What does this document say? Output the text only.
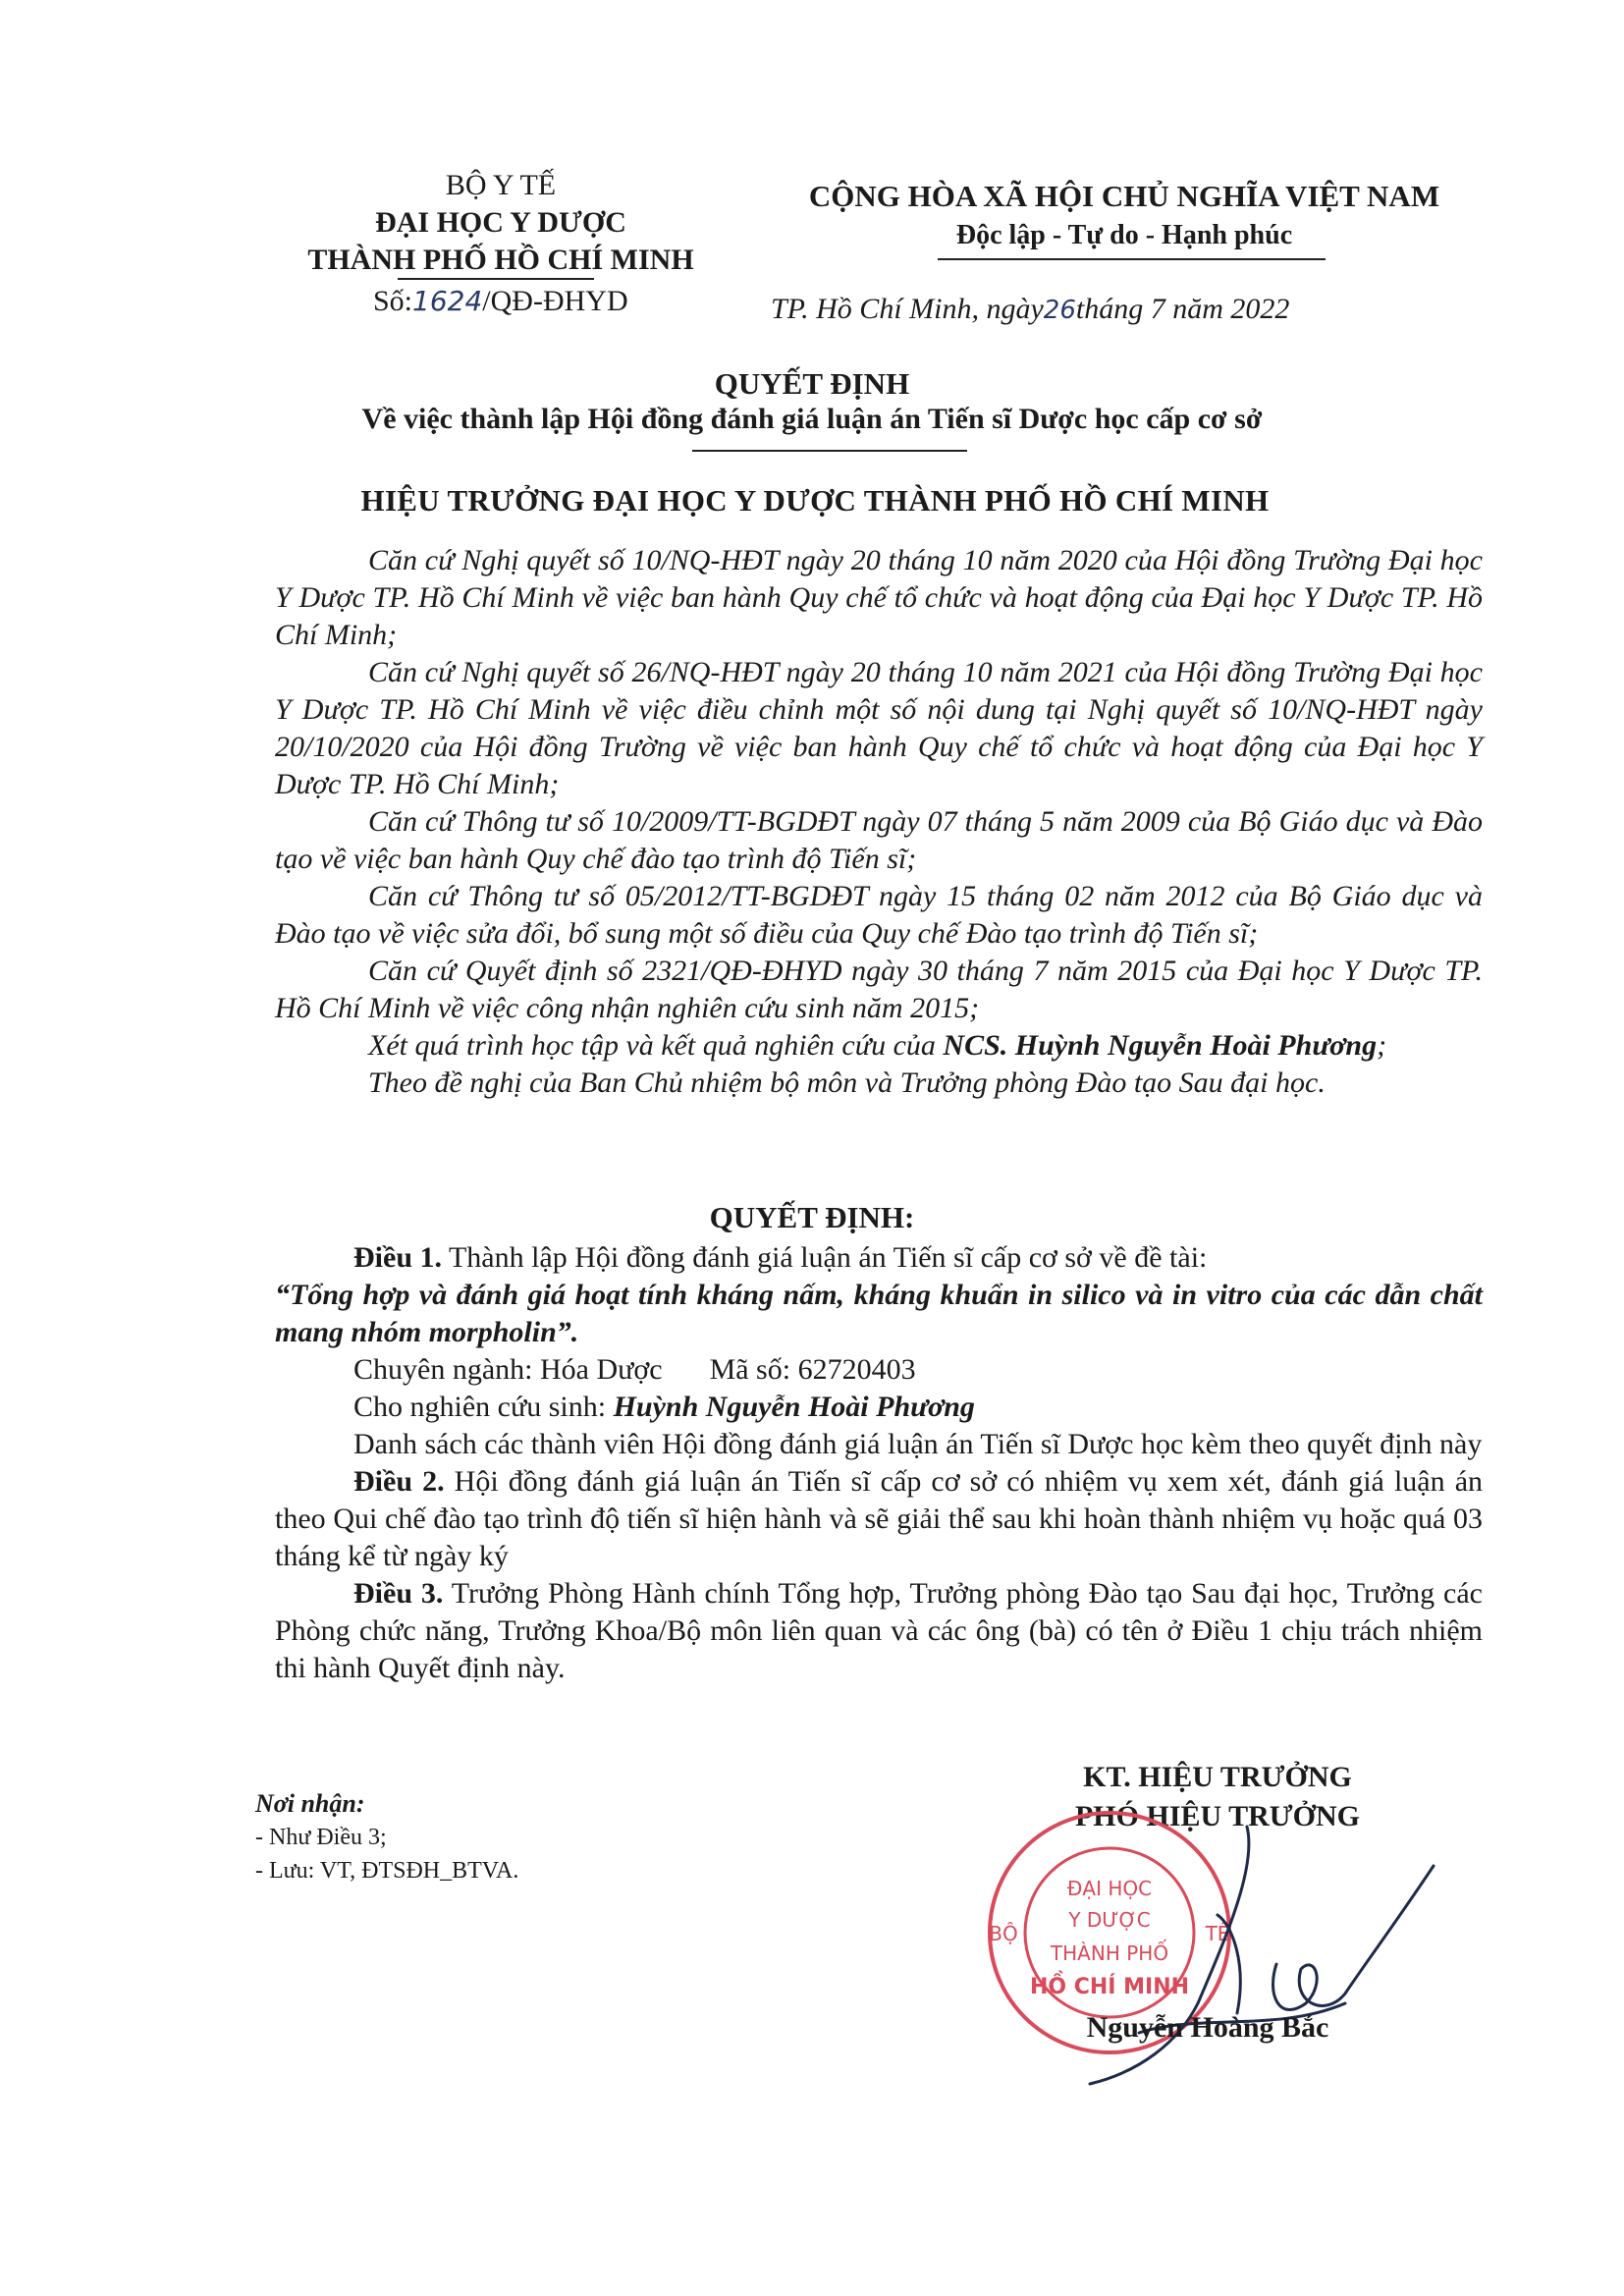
BỘ Y TẾ
ĐẠI HỌC Y DƯỢC
THÀNH PHỐ HỒ CHÍ MINH
Số:1624/QĐ-ĐHYD
CỘNG HÒA XÃ HỘI CHỦ NGHĨA VIỆT NAM
Độc lập - Tự do - Hạnh phúc
TP. Hồ Chí Minh, ngày26tháng 7 năm 2022
QUYẾT ĐỊNH
Về việc thành lập Hội đồng đánh giá luận án Tiến sĩ Dược học cấp cơ sở
HIỆU TRƯỞNG ĐẠI HỌC Y DƯỢC THÀNH PHỐ HỒ CHÍ MINH

Căn cứ Nghị quyết số 10/NQ-HĐT ngày 20 tháng 10 năm 2020 của Hội đồng Trường Đại học Y Dược TP. Hồ Chí Minh về việc ban hành Quy chế tổ chức và hoạt động của Đại học Y Dược TP. Hồ Chí Minh;

Căn cứ Nghị quyết số 26/NQ-HĐT ngày 20 tháng 10 năm 2021 của Hội đồng Trường Đại học Y Dược TP. Hồ Chí Minh về việc điều chỉnh một số nội dung tại Nghị quyết số 10/NQ-HĐT ngày 20/10/2020 của Hội đồng Trường về việc ban hành Quy chế tổ chức và hoạt động của Đại học Y Dược TP. Hồ Chí Minh;

Căn cứ Thông tư số 10/2009/TT-BGDĐT ngày 07 tháng 5 năm 2009 của Bộ Giáo dục và Đào tạo về việc ban hành Quy chế đào tạo trình độ Tiến sĩ;

Căn cứ Thông tư số 05/2012/TT-BGDĐT ngày 15 tháng 02 năm 2012 của Bộ Giáo dục và Đào tạo về việc sửa đổi, bổ sung một số điều của Quy chế Đào tạo trình độ Tiến sĩ;

Căn cứ Quyết định số 2321/QĐ-ĐHYD ngày 30 tháng 7 năm 2015 của Đại học Y Dược TP. Hồ Chí Minh về việc công nhận nghiên cứu sinh năm 2015;

Xét quá trình học tập và kết quả nghiên cứu của NCS. Huỳnh Nguyễn Hoài Phương;

Theo đề nghị của Ban Chủ nhiệm bộ môn và Trưởng phòng Đào tạo Sau đại học.

QUYẾT ĐỊNH:

Điều 1. Thành lập Hội đồng đánh giá luận án Tiến sĩ cấp cơ sở về đề tài:

“Tổng hợp và đánh giá hoạt tính kháng nấm, kháng khuẩn in silico và in vitro của các dẫn chất mang nhóm morpholin”.

Chuyên ngành: Hóa Dược Mã số: 62720403

Cho nghiên cứu sinh: Huỳnh Nguyễn Hoài Phương

Danh sách các thành viên Hội đồng đánh giá luận án Tiến sĩ Dược học kèm theo quyết định này

Điều 2. Hội đồng đánh giá luận án Tiến sĩ cấp cơ sở có nhiệm vụ xem xét, đánh giá luận án theo Qui chế đào tạo trình độ tiến sĩ hiện hành và sẽ giải thể sau khi hoàn thành nhiệm vụ hoặc quá 03 tháng kể từ ngày ký

Điều 3. Trưởng Phòng Hành chính Tổng hợp, Trưởng phòng Đào tạo Sau đại học, Trưởng các Phòng chức năng, Trưởng Khoa/Bộ môn liên quan và các ông (bà) có tên ở Điều 1 chịu trách nhiệm thi hành Quyết định này.

Nơi nhận:
- Như Điều 3;
- Lưu: VT, ĐTSĐH_BTVA.
KT. HIỆU TRƯỞNG
PHÓ HIỆU TRƯỞNG
BỘ	TẾ
ĐẠI HỌC
Y DƯỢC
THÀNH PHỐ
HỒ CHÍ MINH
Nguyễn Hoàng Bắc
